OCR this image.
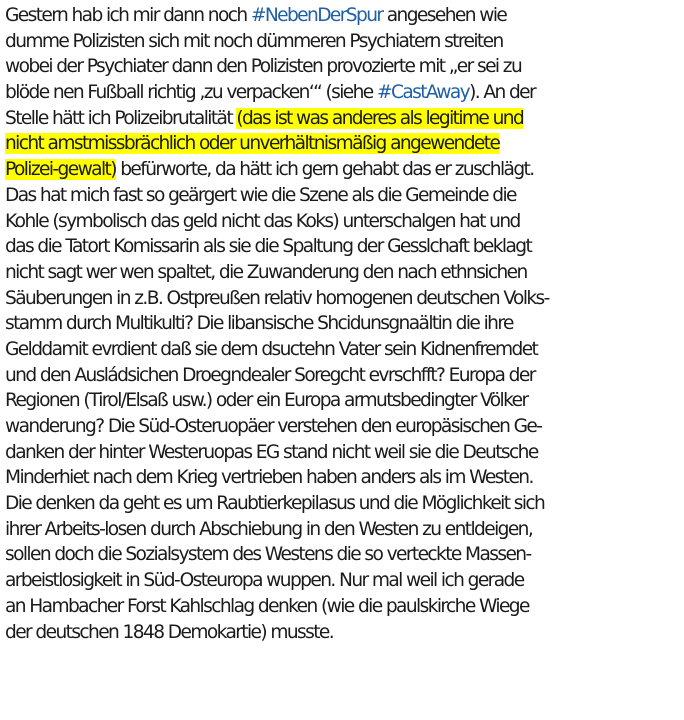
Gestern hab ich mir dann noch #NebenDerSpur angesehen wie
dumme Polizisten sich mit noch dümmeren Psychiatern streiten
wobei der Psychiater dann den Polizisten provozierte mit „er sei zu
blöde nen Fußball richtig ‚zu verpacken‘“ (siehe #CastAway). An der
Stelle hätt ich Polizeibrutalität (das ist was anderes als legitime und
nicht amstmissbrächlich oder unverhältnismäßig angewendete
Polizei-gewalt) befürworte, da hätt ich gern gehabt das er zuschlägt.
Das hat mich fast so geärgert wie die Szene als die Gemeinde die
Kohle (symbolisch das geld nicht das Koks) unterschalgen hat und
das die Tatort Komissarin als sie die Spaltung der Gesslchaft beklagt
nicht sagt wer wen spaltet, die Zuwanderung den nach ethnsichen
Säuberungen in z.B. Ostpreußen relativ homogenen deutschen Volks-
stamm durch Multikulti? Die libansische Shcidunsgnaältin die ihre
Gelddamit evrdient daß sie dem dsuctehn Vater sein Kidnenfremdet
und den Ausládsichen Droegndealer Soregcht evrschfft? Europa der
Regionen (Tirol/Elsaß usw.) oder ein Europa armutsbedingter Völker
wanderung? Die Süd-Osteruopäer verstehen den europäsischen Ge-
danken der hinter Westeruopas EG stand nicht weil sie die Deutsche
Minderhiet nach dem Krieg vertrieben haben anders als im Westen.
Die denken da geht es um Raubtierkepilasus und die Möglichkeit sich
ihrer Arbeits-losen durch Abschiebung in den Westen zu entldeigen,
sollen doch die Sozialsystem des Westens die so verteckte Massen-
arbeistlosigkeit in Süd-Osteuropa wuppen. Nur mal weil ich gerade
an Hambacher Forst Kahlschlag denken (wie die paulskirche Wiege
der deutschen 1848 Demokartie) musste.
